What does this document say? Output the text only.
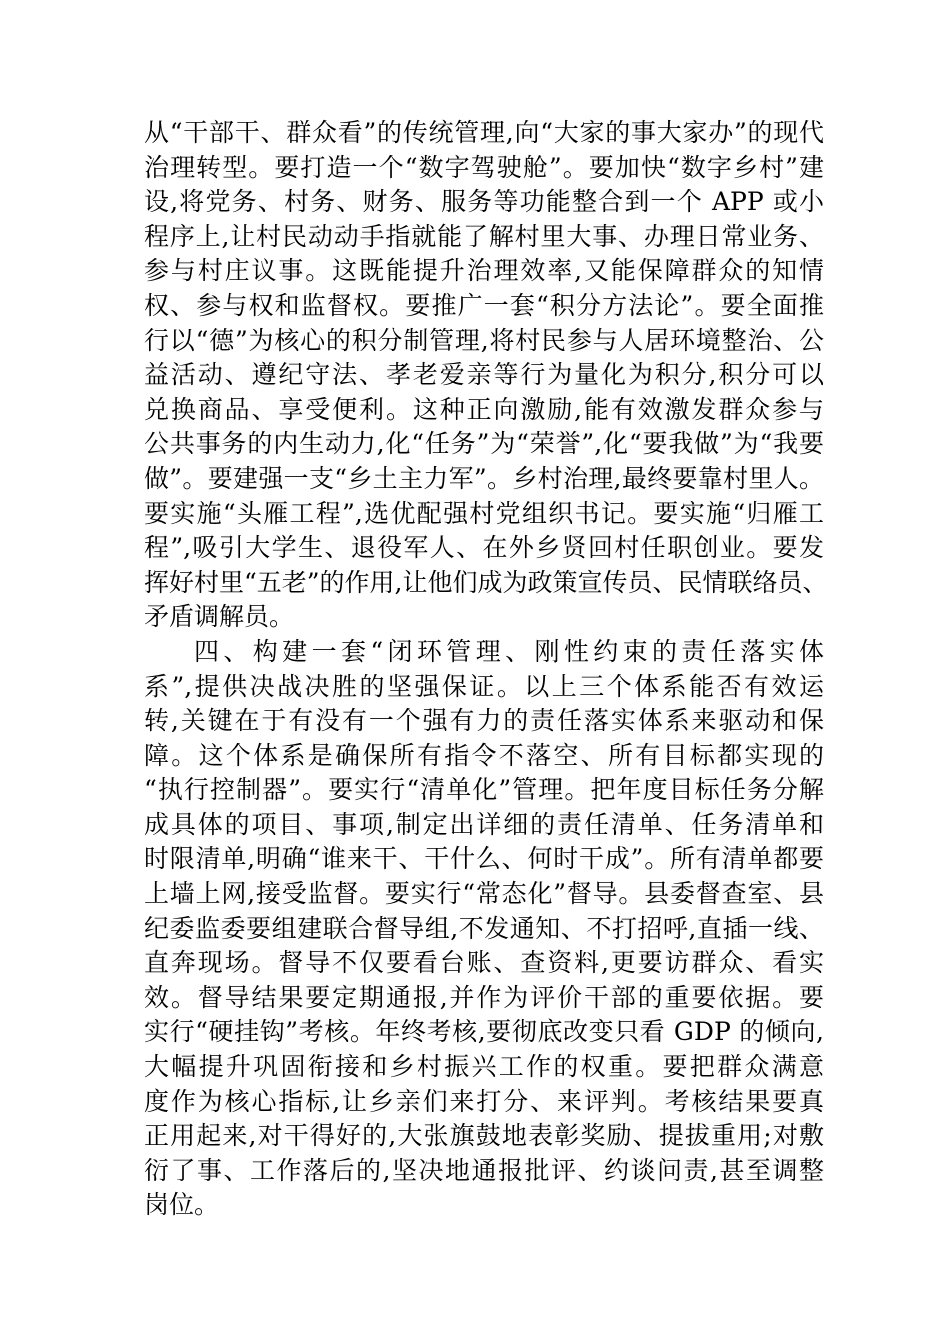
从“干部干、群众看”的传统管理,向“大家的事大家办”的现代
治理转型。要打造一个“数字驾驶舱”。要加快“数字乡村”建
设,将党务、村务、财务、服务等功能整合到一个 APP 或小
程序上,让村民动动手指就能了解村里大事、办理日常业务、
参与村庄议事。这既能提升治理效率,又能保障群众的知情
权、参与权和监督权。要推广一套“积分方法论”。要全面推
行以“德”为核心的积分制管理,将村民参与人居环境整治、公
益活动、遵纪守法、孝老爱亲等行为量化为积分,积分可以
兑换商品、享受便利。这种正向激励,能有效激发群众参与
公共事务的内生动力,化“任务”为“荣誉”,化“要我做”为“我要
做”。要建强一支“乡土主力军”。乡村治理,最终要靠村里人。
要实施“头雁工程”,选优配强村党组织书记。要实施“归雁工
程”,吸引大学生、退役军人、在外乡贤回村任职创业。要发
挥好村里“五老”的作用,让他们成为政策宣传员、民情联络员、
矛盾调解员。
四、构建一套“闭环管理、刚性约束的责任落实体
系”,提供决战决胜的坚强保证。以上三个体系能否有效运
转,关键在于有没有一个强有力的责任落实体系来驱动和保
障。这个体系是确保所有指令不落空、所有目标都实现的
“执行控制器”。要实行“清单化”管理。把年度目标任务分解
成具体的项目、事项,制定出详细的责任清单、任务清单和
时限清单,明确“谁来干、干什么、何时干成”。所有清单都要
上墙上网,接受监督。要实行“常态化”督导。县委督查室、县
纪委监委要组建联合督导组,不发通知、不打招呼,直插一线、
直奔现场。督导不仅要看台账、查资料,更要访群众、看实
效。督导结果要定期通报,并作为评价干部的重要依据。要
实行“硬挂钩”考核。年终考核,要彻底改变只看 GDP 的倾向,
大幅提升巩固衔接和乡村振兴工作的权重。要把群众满意
度作为核心指标,让乡亲们来打分、来评判。考核结果要真
正用起来,对干得好的,大张旗鼓地表彰奖励、提拔重用;对敷
衍了事、工作落后的,坚决地通报批评、约谈问责,甚至调整
岗位。
